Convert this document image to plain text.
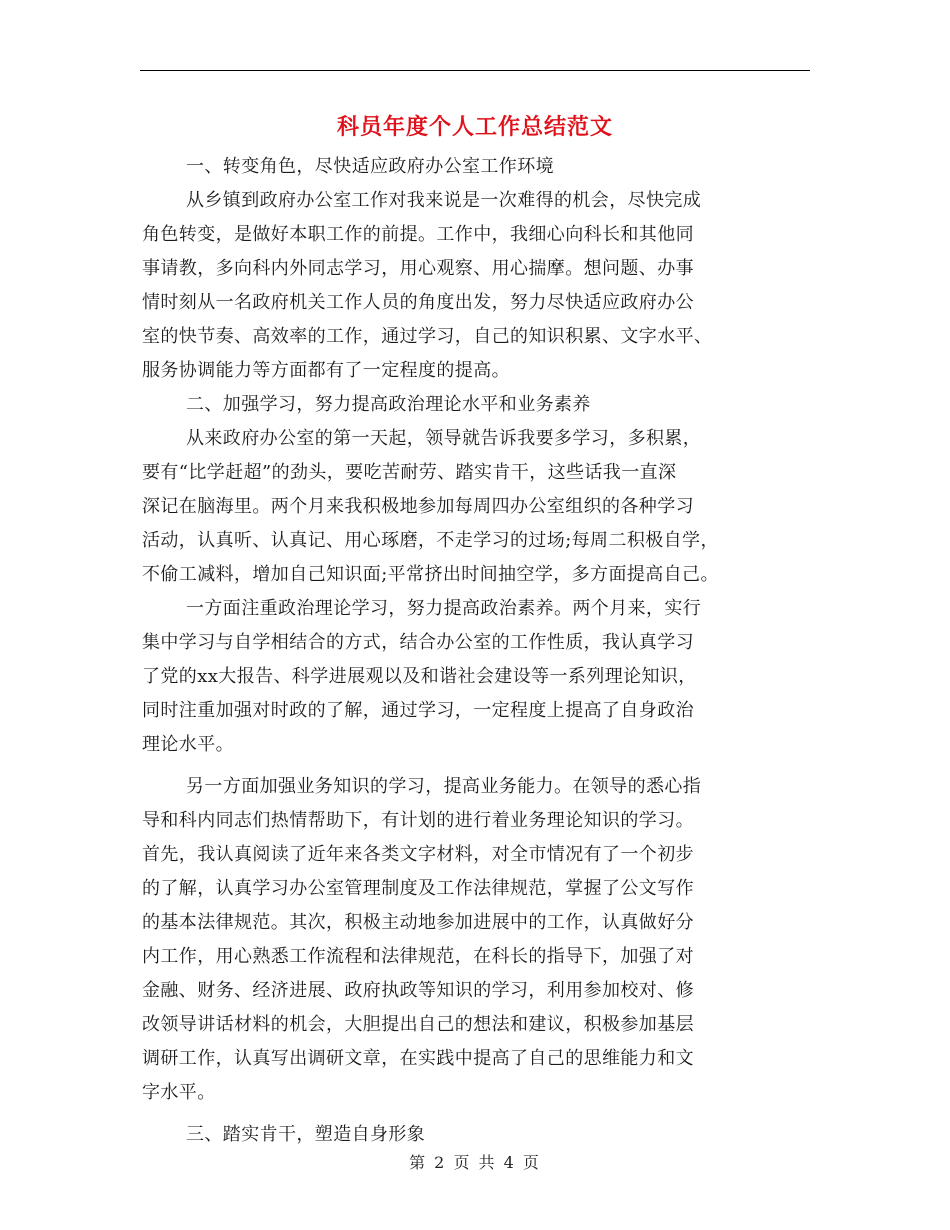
科员年度个人工作总结范文
一、转变角色，尽快适应政府办公室工作环境
从乡镇到政府办公室工作对我来说是一次难得的机会，尽快完成
角色转变，是做好本职工作的前提。工作中，我细心向科长和其他同
事请教，多向科内外同志学习，用心观察、用心揣摩。想问题、办事
情时刻从一名政府机关工作人员的角度出发，努力尽快适应政府办公
室的快节奏、高效率的工作，通过学习，自己的知识积累、文字水平、
服务协调能力等方面都有了一定程度的提高。
二、加强学习，努力提高政治理论水平和业务素养
从来政府办公室的第一天起，领导就告诉我要多学习，多积累，
要有“比学赶超”的劲头，要吃苦耐劳、踏实肯干，这些话我一直深
深记在脑海里。两个月来我积极地参加每周四办公室组织的各种学习
活动，认真听、认真记、用心琢磨，不走学习的过场;每周二积极自学，
不偷工减料，增加自己知识面;平常挤出时间抽空学，多方面提高自己。
一方面注重政治理论学习，努力提高政治素养。两个月来，实行
集中学习与自学相结合的方式，结合办公室的工作性质，我认真学习
了党的xx大报告、科学进展观以及和谐社会建设等一系列理论知识，
同时注重加强对时政的了解，通过学习，一定程度上提高了自身政治
理论水平。
另一方面加强业务知识的学习，提高业务能力。在领导的悉心指
导和科内同志们热情帮助下，有计划的进行着业务理论知识的学习。
首先，我认真阅读了近年来各类文字材料，对全市情况有了一个初步
的了解，认真学习办公室管理制度及工作法律规范，掌握了公文写作
的基本法律规范。其次，积极主动地参加进展中的工作，认真做好分
内工作，用心熟悉工作流程和法律规范，在科长的指导下，加强了对
金融、财务、经济进展、政府执政等知识的学习，利用参加校对、修
改领导讲话材料的机会，大胆提出自己的想法和建议，积极参加基层
调研工作，认真写出调研文章，在实践中提高了自己的思维能力和文
字水平。
三、踏实肯干，塑造自身形象
第 2 页 共 4 页
